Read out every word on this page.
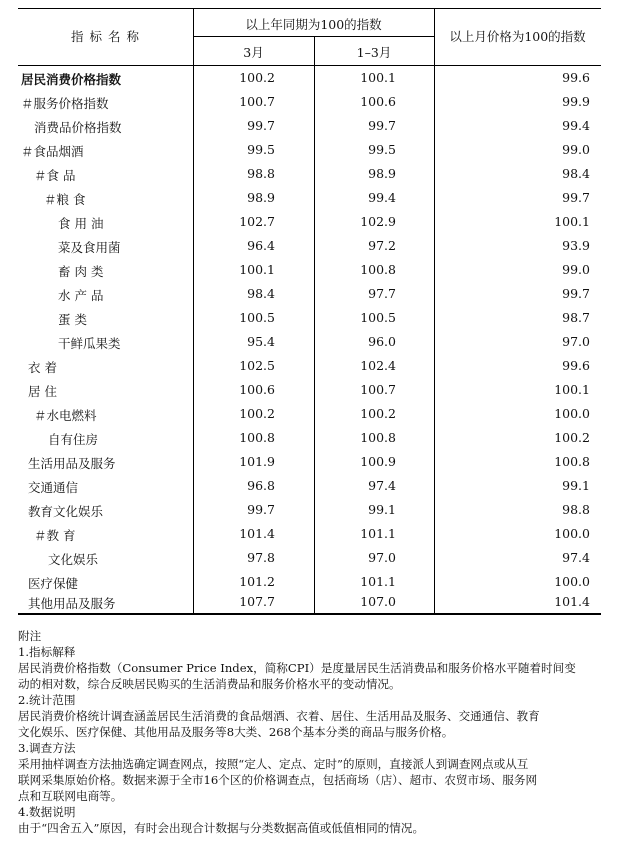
指 标 名 称
以上年同期为100的指数
3月	1–3月
以上月价格为100的指数
居民消费价格指数	100.2	100.1	99.6
＃服务价格指数	100.7	100.6	99.9
消费品价格指数	99.7	99.7	99.4
＃食品烟酒	99.5	99.5	99.0
＃食 品	98.8	98.9	98.4
＃粮 食	98.9	99.4	99.7
食 用 油	102.7	102.9	100.1
菜及食用菌	96.4	97.2	93.9
畜 肉 类	100.1	100.8	99.0
水 产 品	98.4	97.7	99.7
蛋 类	100.5	100.5	98.7
干鲜瓜果类	95.4	96.0	97.0
衣 着	102.5	102.4	99.6
居 住	100.6	100.7	100.1
＃水电燃料	100.2	100.2	100.0
自有住房	100.8	100.8	100.2
生活用品及服务	101.9	100.9	100.8
交通通信	96.8	97.4	99.1
教育文化娱乐	99.7	99.1	98.8
＃教 育	101.4	101.1	100.0
文化娱乐	97.8	97.0	97.4
医疗保健	101.2	101.1	100.0
其他用品及服务	107.7	107.0	101.4
附注
1.指标解释
居民消费价格指数（Consumer Price Index，简称CPI）是度量居民生活消费品和服务价格水平随着时间变
动的相对数，综合反映居民购买的生活消费品和服务价格水平的变动情况。
2.统计范围
居民消费价格统计调查涵盖居民生活消费的食品烟酒、衣着、居住、生活用品及服务、交通通信、教育
文化娱乐、医疗保健、其他用品及服务等8大类、268个基本分类的商品与服务价格。
3.调查方法
采用抽样调查方法抽选确定调查网点，按照“定人、定点、定时”的原则，直接派人到调查网点或从互
联网采集原始价格。数据来源于全市16个区的价格调查点，包括商场（店）、超市、农贸市场、服务网
点和互联网电商等。
4.数据说明
由于“四舍五入”原因，有时会出现合计数据与分类数据高值或低值相同的情况。
